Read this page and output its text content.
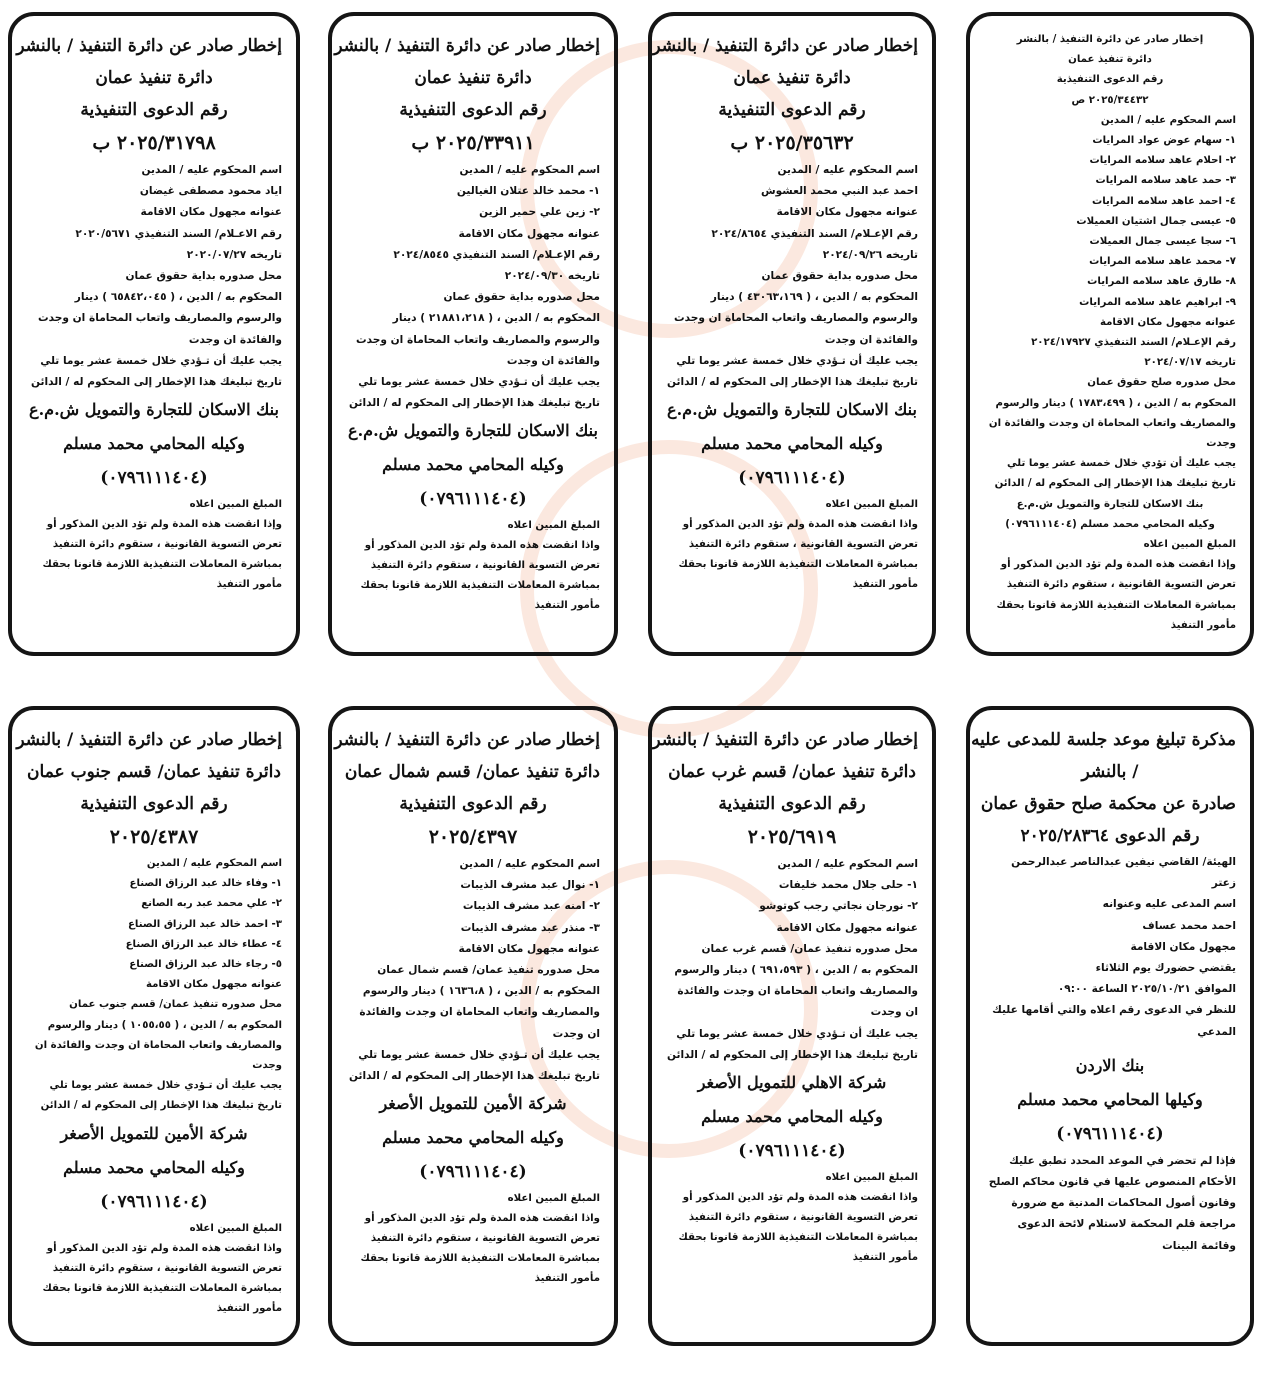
إخطار صادر عن دائرة التنفيذ / بالنشر
دائرة تنفيذ عمان
رقم الدعوى التنفيذية
٢٠٢٥/٣٤٤٣٢ ص
اسم المحكوم عليه / المدين
١- سهام عوض عواد المرايات
٢- احلام عاهد سلامه المرايات
٣- حمد عاهد سلامه المرايات
٤- احمد عاهد سلامه المرايات
٥- عيسى جمال اشتيان العميلات
٦- سجا عيسى جمال العميلات
٧- محمد عاهد سلامه المرايات
٨- طارق عاهد سلامه المرايات
٩- ابراهيم عاهد سلامه المرايات
عنوانه مجهول مكان الاقامة
رقم الإعـلام/ السند التنفيذي ٢٠٢٤/١٧٩٢٧
تاريخه ٢٠٢٤/٠٧/١٧
محل صدوره صلح حقوق عمان
المحكوم به / الدين ، ( ١٧٨٣،٤٩٩ ) دينار والرسوم والمصاريف واتعاب المحاماة ان وجدت والفائدة ان وجدت
يجب عليك أن تؤدي خلال خمسة عشر يوما تلي تاريخ تبليغك هذا الإخطار إلى المحكوم له / الدائن
بنك الاسكان للتجارة والتمويل ش.م.ع
وكيله المحامي محمد مسلم (٠٧٩٦١١١٤٠٤)
المبلغ المبين اعلاه
وإذا انقضت هذه المدة ولم تؤد الدين المذكور أو تعرض التسوية القانونية ، ستقوم دائرة التنفيذ بمباشرة المعاملات التنفيذية اللازمة قانونا بحقك
مأمور التنفيذ
إخطار صادر عن دائرة التنفيذ / بالنشر
دائرة تنفيذ عمان
رقم الدعوى التنفيذية
٢٠٢٥/٣٥٦٣٢ ب
اسم المحكوم عليه / المدين
احمد عبد النبي محمد العشوش
عنوانه مجهول مكان الاقامة
رقم الإعـلام/ السند التنفيذي ٢٠٢٤/٨٦٥٤
تاريخه ٢٠٢٤/٠٩/٢٦
محل صدوره بداية حقوق عمان
المحكوم به / الدين ، ( ٤٣٠٦٣،١٦٩ ) دينار والرسوم والمصاريف واتعاب المحاماة ان وجدت والفائدة ان وجدت
يجب عليك أن تـؤدي خلال خمسة عشر يوما تلي تاريخ تبليغك هذا الإخطار إلى المحكوم له / الدائن
بنك الاسكان للتجارة والتمويل ش.م.ع
وكيله المحامي محمد مسلم
(٠٧٩٦١١١٤٠٤)
المبلغ المبين اعلاه
واذا انقضت هذه المدة ولم تؤد الدين المذكور أو تعرض التسوية القانونية ، ستقوم دائرة التنفيذ بمباشرة المعاملات التنفيذية اللازمة قانونا بحقك
مأمور التنفيذ
إخطار صادر عن دائرة التنفيذ / بالنشر
دائرة تنفيذ عمان
رقم الدعوى التنفيذية
٢٠٢٥/٣٣٩١١ ب
اسم المحكوم عليه / المدين
١- محمد خالد عتلان الغيالين
٢- زين علي حمير الزين
عنوانه مجهول مكان الاقامة
رقم الإعـلام/ السند التنفيذي ٢٠٢٤/٨٥٤٥
تاريخه ٢٠٢٤/٠٩/٣٠
محل صدوره بداية حقوق عمان
المحكوم به / الدين ، ( ٢١٨٨١،٢١٨ ) دينار والرسوم والمصاريف واتعاب المحاماة ان وجدت والفائدة ان وجدت
يجب عليك أن تـؤدي خلال خمسة عشر يوما تلي تاريخ تبليغك هذا الإخطار إلى المحكوم له / الدائن
بنك الاسكان للتجارة والتمويل ش.م.ع
وكيله المحامي محمد مسلم
(٠٧٩٦١١١٤٠٤)
المبلغ المبين اعلاه
واذا انقضت هذه المدة ولم تؤد الدين المذكور أو تعرض التسوية القانونية ، ستقوم دائرة التنفيذ بمباشرة المعاملات التنفيذية اللازمة قانونا بحقك
مأمور التنفيذ
إخطار صادر عن دائرة التنفيذ / بالنشر
دائرة تنفيذ عمان
رقم الدعوى التنفيذية
٢٠٢٥/٣١٧٩٨ ب
اسم المحكوم عليه / المدين
اياد محمود مصطفى غيضان
عنوانه مجهول مكان الاقامة
رقم الاعـلام/ السند التنفيذي ٢٠٢٠/٥٦٧١
تاريخه ٢٠٢٠/٠٧/٢٧
محل صدوره بداية حقوق عمان
المحكوم به / الدين ، ( ٦٥٨٤٢،٠٤٥ ) دينار والرسوم والمصاريف واتعاب المحاماة ان وجدت والفائدة ان وجدت
يجب عليك أن تـؤدي خلال خمسة عشر يوما تلي تاريخ تبليغك هذا الإخطار إلى المحكوم له / الدائن
بنك الاسكان للتجارة والتمويل ش.م.ع
وكيله المحامي محمد مسلم
(٠٧٩٦١١١٤٠٤)
المبلغ المبين اعلاه
وإذا انقضت هذه المدة ولم تؤد الدين المذكور أو تعرض التسوية القانونية ، ستقوم دائرة التنفيذ بمباشرة المعاملات التنفيذية اللازمة قانونا بحقك
مأمور التنفيذ
مذكرة تبليغ موعد جلسة للمدعى عليه
/ بالنشر
صادرة عن محكمة صلح حقوق عمان
رقم الدعوى ٢٠٢٥/٢٨٣٦٤
الهيئة/ القاضي نيفين عبدالناصر عبدالرحمن زعتر
اسم المدعى عليه وعنوانه
احمد محمد عساف
مجهول مكان الاقامة
يقتضي حضورك يوم الثلاثاء
الموافق ٢٠٢٥/١٠/٢١ الساعة ٠٩:٠٠
للنظر في الدعوى رقم اعلاه والتي أقامها عليك المدعي
بنك الاردن
وكيلها المحامي محمد مسلم
(٠٧٩٦١١١٤٠٤)
فإذا لم تحضر في الموعد المحدد تطبق عليك الأحكام المنصوص عليها في قانون محاكم الصلح وقانون أصول المحاكمات المدنية مع ضرورة مراجعة قلم المحكمة لاستلام لائحة الدعوى وقائمة البينات
إخطار صادر عن دائرة التنفيذ / بالنشر
دائرة تنفيذ عمان/ قسم غرب عمان
رقم الدعوى التنفيذية
٢٠٢٥/٦٩١٩
اسم المحكوم عليه / المدين
١- حلى جلال محمد خليفات
٢- نورجان نجاتي رجب كوتوشو
عنوانه مجهول مكان الاقامة
محل صدوره تنفيذ عمان/ قسم غرب عمان
المحكوم به / الدين ، ( ٦٩١،٥٩٣ ) دينار والرسوم والمصاريف واتعاب المحاماة ان وجدت والفائدة ان وجدت
يجب عليك أن تـؤدي خلال خمسة عشر يوما تلي تاريخ تبليغك هذا الإخطار إلى المحكوم له / الدائن
شركة الاهلي للتمويل الأصغر
وكيله المحامي محمد مسلم
(٠٧٩٦١١١٤٠٤)
المبلغ المبين اعلاه
واذا انقضت هذه المدة ولم تؤد الدين المذكور أو تعرض التسوية القانونية ، ستقوم دائرة التنفيذ بمباشرة المعاملات التنفيذية اللازمة قانونا بحقك
مأمور التنفيذ
إخطار صادر عن دائرة التنفيذ / بالنشر
دائرة تنفيذ عمان/ قسم شمال عمان
رقم الدعوى التنفيذية
٢٠٢٥/٤٣٩٧
اسم المحكوم عليه / المدين
١- نوال عبد مشرف الذيبات
٢- امنه عبد مشرف الذيبات
٣- منذر عبد مشرف الذيبات
عنوانه مجهول مكان الاقامة
محل صدوره تنفيذ عمان/ قسم شمال عمان
المحكوم به / الدين ، ( ١٦٣٦،٨ ) دينار والرسوم والمصاريف واتعاب المحاماة ان وجدت والفائدة ان وجدت
يجب عليك أن تـؤدي خلال خمسة عشر يوما تلي تاريخ تبليغك هذا الإخطار إلى المحكوم له / الدائن
شركة الأمين للتمويل الأصغر
وكيله المحامي محمد مسلم
(٠٧٩٦١١١٤٠٤)
المبلغ المبين اعلاه
واذا انقضت هذه المدة ولم تؤد الدين المذكور أو تعرض التسوية القانونية ، ستقوم دائرة التنفيذ بمباشرة المعاملات التنفيذية اللازمة قانونا بحقك
مأمور التنفيذ
إخطار صادر عن دائرة التنفيذ / بالنشر
دائرة تنفيذ عمان/ قسم جنوب عمان
رقم الدعوى التنفيذية
٢٠٢٥/٤٣٨٧
اسم المحكوم عليه / المدين
١- وفاء خالد عبد الرزاق الصناع
٢- علي محمد عبد ربه الصانع
٣- احمد خالد عبد الرزاق الصناع
٤- عطاء خالد عبد الرزاق الصناع
٥- رجاء خالد عبد الرزاق الصناع
عنوانه مجهول مكان الاقامة
محل صدوره تنفيذ عمان/ قسم جنوب عمان
المحكوم به / الدين ، ( ١٠٥٥،٥٥ ) دينار والرسوم والمصاريف واتعاب المحاماة ان وجدت والفائدة ان وجدت
يجب عليك أن تـؤدي خلال خمسة عشر يوما تلي تاريخ تبليغك هذا الإخطار إلى المحكوم له / الدائن
شركة الأمين للتمويل الأصغر
وكيله المحامي محمد مسلم
(٠٧٩٦١١١٤٠٤)
المبلغ المبين اعلاه
واذا انقضت هذه المدة ولم تؤد الدين المذكور أو تعرض التسوية القانونية ، ستقوم دائرة التنفيذ بمباشرة المعاملات التنفيذية اللازمة قانونا بحقك
مأمور التنفيذ
